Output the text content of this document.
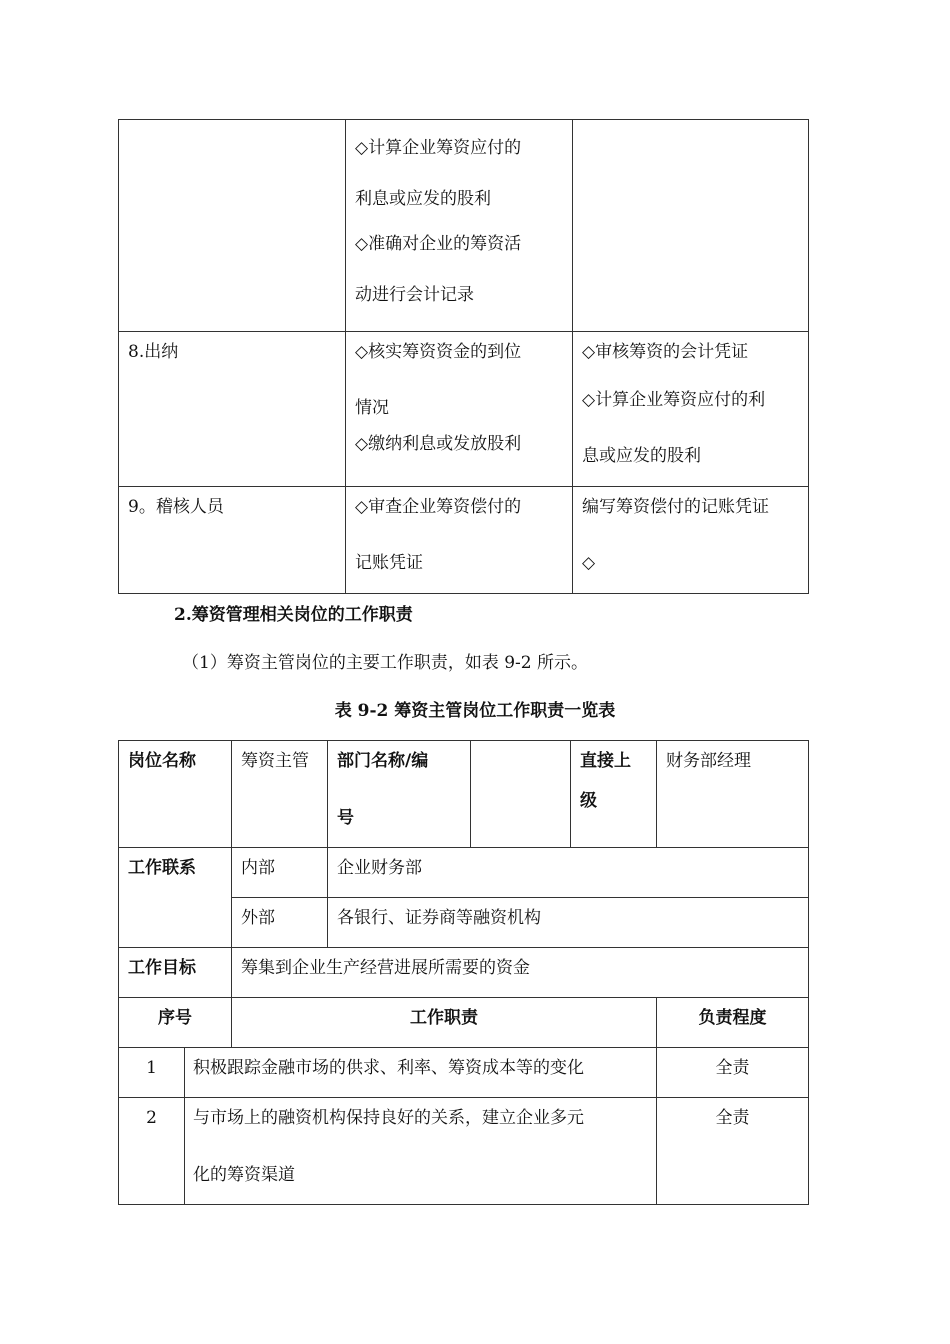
	◇计算企业筹资应付的
利息或应发的股利
◇准确对企业的筹资活
动进行会计记录	

8.出纳	◇核实筹资资金的到位
情况
◇缴纳利息或发放股利	◇审核筹资的会计凭证
◇计算企业筹资应付的利
息或应发的股利

9。稽核人员	◇审查企业筹资偿付的
记账凭证	编写筹资偿付的记账凭证
◇
2.筹资管理相关岗位的工作职责
（1）筹资主管岗位的主要工作职责，如表 9-2 所示。
表 9-2 筹资主管岗位工作职责一览表
岗位名称		筹资主管	部门名称/编
号		直接上级	财务部经理
工作联系		内部	企业财务部			
		外部	各银行、证券商等融资机构			
工作目标		筹集到企业生产经营进展所需要的资金				
序号		工作职责				负责程度
1	积极跟踪金融市场的供求、利率、筹资成本等的变化					全责
2	与市场上的融资机构保持良好的关系，建立企业多元
化的筹资渠道					全责
